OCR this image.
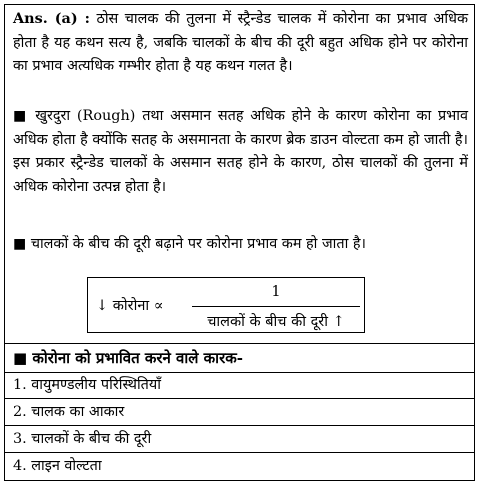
Ans. (a) : ठोस चालक की तुलना में स्ट्रैन्डेड चालक में कोरोना का प्रभाव अधिक होता है यह कथन सत्य है, जबकि चालकों के बीच की दूरी बहुत अधिक होने पर कोरोना का प्रभाव अत्यधिक गम्भीर होता है यह कथन गलत है।
■ खुरदुरा (Rough) तथा असमान सतह अधिक होने के कारण कोरोना का प्रभाव अधिक होता है क्योंकि सतह के असमानता के कारण ब्रेक डाउन वोल्टता कम हो जाती है। इस प्रकार स्ट्रैन्डेड चालकों के असमान सतह होने के कारण, ठोस चालकों की तुलना में अधिक कोरोना उत्पन्न होता है।
■ चालकों के बीच की दूरी बढ़ाने पर कोरोना प्रभाव कम हो जाता है।
↓ कोरोना ∝
1
चालकों के बीच की दूरी ↑
■ कोरोना को प्रभावित करने वाले कारक-
1. वायुमण्डलीय परिस्थितियाँ
2. चालक का आकार
3. चालकों के बीच की दूरी
4. लाइन वोल्टता
